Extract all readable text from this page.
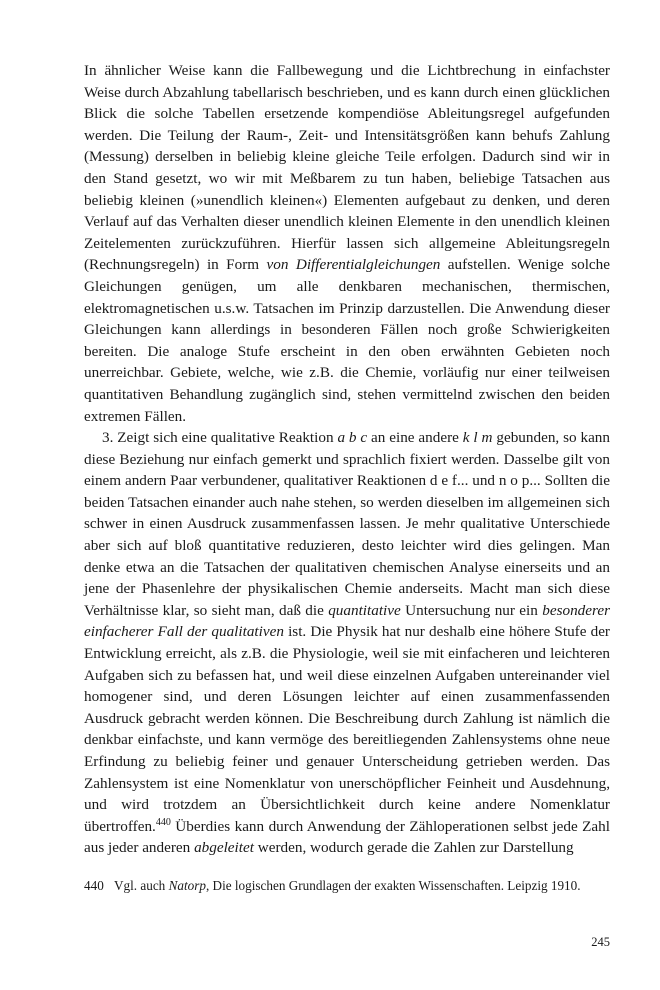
In ähnlicher Weise kann die Fallbewegung und die Lichtbrechung in einfachster Weise durch Abzahlung tabellarisch beschrieben, und es kann durch einen glücklichen Blick die solche Tabellen ersetzende kompendiöse Ableitungsregel aufgefunden werden. Die Teilung der Raum-, Zeit- und Intensitätsgrößen kann behufs Zahlung (Messung) derselben in beliebig kleine gleiche Teile erfolgen. Dadurch sind wir in den Stand gesetzt, wo wir mit Meßbarem zu tun haben, beliebige Tatsachen aus beliebig kleinen (»unendlich kleinen«) Elementen aufgebaut zu denken, und deren Verlauf auf das Verhalten dieser unendlich kleinen Elemente in den unendlich kleinen Zeitelementen zurückzuführen. Hierfür lassen sich allgemeine Ableitungsregeln (Rechnungsregeln) in Form von Differentialgleichungen aufstellen. Wenige solche Gleichungen genügen, um alle denkbaren mechanischen, thermischen, elektromagnetischen u.s.w. Tatsachen im Prinzip darzustellen. Die Anwendung dieser Gleichungen kann allerdings in besonderen Fällen noch große Schwierigkeiten bereiten. Die analoge Stufe erscheint in den oben erwähnten Gebieten noch unerreichbar. Gebiete, welche, wie z.B. die Chemie, vorläufig nur einer teilweisen quantitativen Behandlung zugänglich sind, stehen vermittelnd zwischen den beiden extremen Fällen.

3. Zeigt sich eine qualitative Reaktion a b c an eine andere k l m gebunden, so kann diese Beziehung nur einfach gemerkt und sprachlich fixiert werden. Dasselbe gilt von einem andern Paar verbundener, qualitativer Reaktionen d e f... und n o p... Sollten die beiden Tatsachen einander auch nahe stehen, so werden dieselben im allgemeinen sich schwer in einen Ausdruck zusammenfassen lassen. Je mehr qualitative Unterschiede aber sich auf bloß quantitative reduzieren, desto leichter wird dies gelingen. Man denke etwa an die Tatsachen der qualitativen chemischen Analyse einerseits und an jene der Phasenlehre der physikalischen Chemie anderseits. Macht man sich diese Verhältnisse klar, so sieht man, daß die quantitative Untersuchung nur ein besonderer einfacherer Fall der qualitativen ist. Die Physik hat nur deshalb eine höhere Stufe der Entwicklung erreicht, als z.B. die Physiologie, weil sie mit einfacheren und leichteren Aufgaben sich zu befassen hat, und weil diese einzelnen Aufgaben untereinander viel homogener sind, und deren Lösungen leichter auf einen zusammenfassenden Ausdruck gebracht werden können. Die Beschreibung durch Zahlung ist nämlich die denkbar einfachste, und kann vermöge des bereitliegenden Zahlensystems ohne neue Erfindung zu beliebig feiner und genauer Unterscheidung getrieben werden. Das Zahlensystem ist eine Nomenklatur von unerschöpflicher Feinheit und Ausdehnung, und wird trotzdem an Übersichtlichkeit durch keine andere Nomenklatur übertroffen.$^{440}$ Überdies kann durch Anwendung der Zähloperationen selbst jede Zahl aus jeder anderen abgeleitet werden, wodurch gerade die Zahlen zur Darstellung

440 Vgl. auch Natorp, Die logischen Grundlagen der exakten Wissenschaften. Leipzig 1910.
245
